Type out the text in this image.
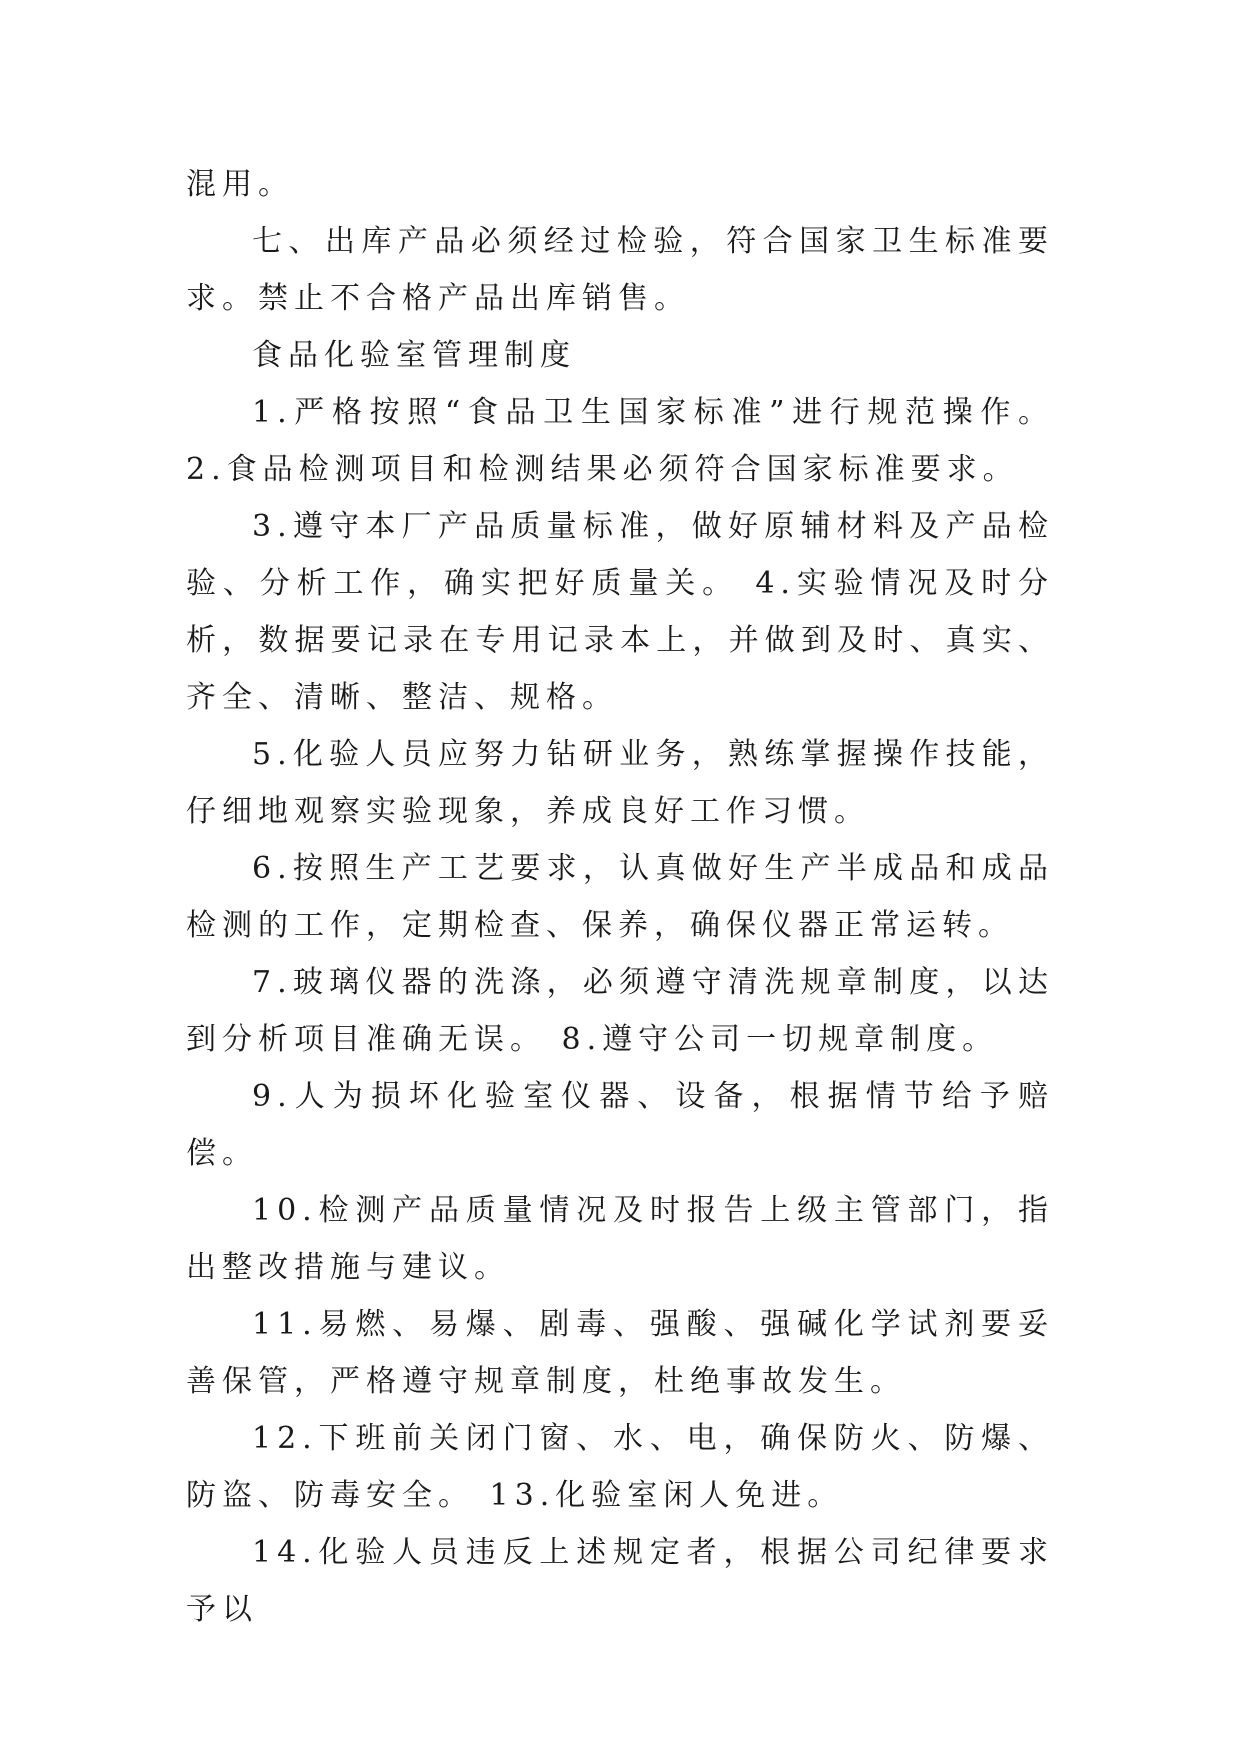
混用。

七、出库产品必须经过检验，符合国家卫生标准要求。禁止不合格产品出库销售。

食品化验室管理制度

1.严格按照“食品卫生国家标准”进行规范操作。 2.食品检测项目和检测结果必须符合国家标准要求。

3.遵守本厂产品质量标准，做好原辅材料及产品检验、分析工作，确实把好质量关。 4.实验情况及时分析，数据要记录在专用记录本上，并做到及时、真实、齐全、清晰、整洁、规格。

5.化验人员应努力钻研业务，熟练掌握操作技能，仔细地观察实验现象，养成良好工作习惯。

6.按照生产工艺要求，认真做好生产半成品和成品检测的工作，定期检查、保养，确保仪器正常运转。

7.玻璃仪器的洗涤，必须遵守清洗规章制度，以达到分析项目准确无误。 8.遵守公司一切规章制度。

9.人为损坏化验室仪器、设备，根据情节给予赔偿。

10.检测产品质量情况及时报告上级主管部门，指出整改措施与建议。

11.易燃、易爆、剧毒、强酸、强碱化学试剂要妥善保管，严格遵守规章制度，杜绝事故发生。

12.下班前关闭门窗、水、电，确保防火、防爆、防盗、防毒安全。 13.化验室闲人免进。

14.化验人员违反上述规定者，根据公司纪律要求予以
